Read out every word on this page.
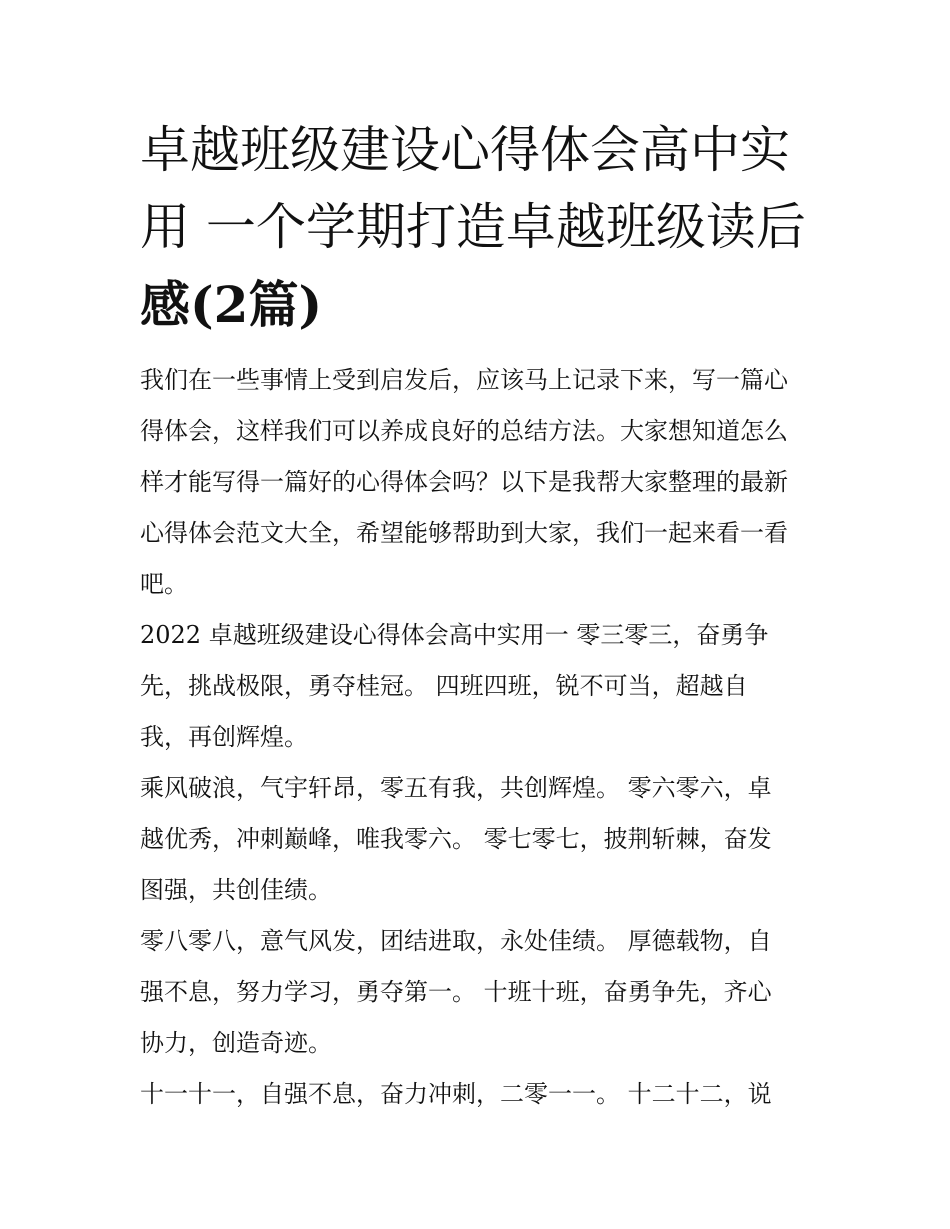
卓越班级建设心得体会高中实
用 一个学期打造卓越班级读后
感(2篇)
我们在一些事情上受到启发后，应该马上记录下来，写一篇心
得体会，这样我们可以养成良好的总结方法。大家想知道怎么
样才能写得一篇好的心得体会吗？以下是我帮大家整理的最新
心得体会范文大全，希望能够帮助到大家，我们一起来看一看
吧。
2022 卓越班级建设心得体会高中实用一 零三零三，奋勇争
先，挑战极限，勇夺桂冠。 四班四班，锐不可当，超越自
我，再创辉煌。
乘风破浪，气宇轩昂，零五有我，共创辉煌。 零六零六，卓
越优秀，冲刺巅峰，唯我零六。 零七零七，披荆斩棘，奋发
图强，共创佳绩。
零八零八，意气风发，团结进取，永处佳绩。 厚德载物，自
强不息，努力学习，勇夺第一。 十班十班，奋勇争先，齐心
协力，创造奇迹。
十一十一，自强不息，奋力冲刺，二零一一。 十二十二，说
